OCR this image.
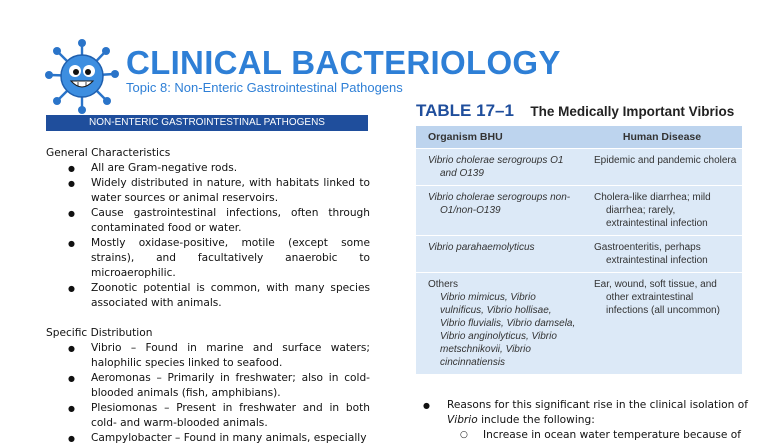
CLINICAL BACTERIOLOGY
Topic 8: Non-Enteric Gastrointestinal Pathogens
NON-ENTERIC GASTROINTESTINAL PATHOGENS

General Characteristics

● All are Gram-negative rods.
● Widely distributed in nature, with habitats linked to water sources or animal reservoirs.
● Cause gastrointestinal infections, often through contaminated food or water.
● Mostly oxidase-positive, motile (except some strains), and facultatively anaerobic to microaerophilic.
● Zoonotic potential is common, with many species associated with animals.

Specific Distribution

● Vibrio – Found in marine and surface waters; halophilic species linked to seafood.
● Aeromonas – Primarily in freshwater; also in cold-blooded animals (fish, amphibians).
● Plesiomonas – Present in freshwater and in both cold- and warm-blooded animals.
● Campylobacter – Found in many animals, especially
TABLE 17–1 The Medically Important Vibrios
Organism BHU	Human Disease

Vibrio cholerae serogroups O1 and O139	Epidemic and pandemic cholera

Vibrio cholerae serogroups non-O1/non-O139	Cholera-like diarrhea; mild diarrhea; rarely, extraintestinal infection

Vibrio parahaemolyticus	Gastroenteritis, perhaps extraintestinal infection

Others
Vibrio mimicus, Vibrio vulnificus, Vibrio hollisae, Vibrio fluvialis, Vibrio damsela, Vibrio anginolyticus, Vibrio metschnikovii, Vibrio cincinnatiensis	Ear, wound, soft tissue, and other extraintestinal infections (all uncommon)
● Reasons for this significant rise in the clinical isolation of Vibrio include the following:
○ Increase in ocean water temperature because of
